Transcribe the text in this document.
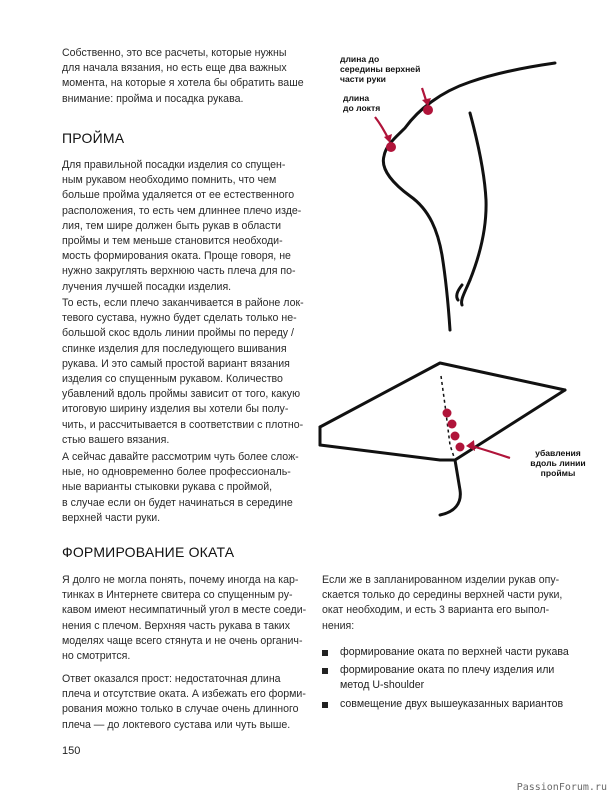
Собственно, это все расчеты, которые нужны
для начала вязания, но есть еще два важных
момента, на которые я хотела бы обратить ваше
внимание: пройма и посадка рукава.

ПРОЙМА

Для правильной посадки изделия со спущен-
ным рукавом необходимо помнить, что чем
больше пройма удаляется от ее естественного
расположения, то есть чем длиннее плечо изде-
лия, тем шире должен быть рукав в области
проймы и тем меньше становится необходи-
мость формирования оката. Проще говоря, не
нужно закруглять верхнюю часть плеча для по-
лучения лучшей посадки изделия.

То есть, если плечо заканчивается в районе лок-
тевого сустава, нужно будет сделать только не-
большой скос вдоль линии проймы по переду /
спинке изделия для последующего вшивания
рукава. И это самый простой вариант вязания
изделия со спущенным рукавом. Количество
убавлений вдоль проймы зависит от того, какую
итоговую ширину изделия вы хотели бы полу-
чить, и рассчитывается в соответствии с плотно-
стью вашего вязания.

А сейчас давайте рассмотрим чуть более слож-
ные, но одновременно более профессиональ-
ные варианты стыковки рукава с проймой,
в случае если он будет начинаться в середине
верхней части руки.

длина до
середины верхней
части руки
длина
до локтя
убавления
вдоль линии
проймы
ФОРМИРОВАНИЕ ОКАТА

Я долго не могла понять, почему иногда на кар-
тинках в Интернете свитера со спущенным ру-
кавом имеют несимпатичный угол в месте соеди-
нения с плечом. Верхняя часть рукава в таких
моделях чаще всего стянута и не очень органич-
но смотрится.

Ответ оказался прост: недостаточная длина
плеча и отсутствие оката. А избежать его форми-
рования можно только в случае очень длинного
плеча — до локтевого сустава или чуть выше.

Если же в запланированном изделии рукав опу-
скается только до середины верхней части руки,
окат необходим, и есть 3 варианта его выпол-
нения:

формирование оката по верхней части рукава
формирование оката по плечу изделия или
метод U-shoulder
совмещение двух вышеуказанных вариантов
150
PassionForum.ru
